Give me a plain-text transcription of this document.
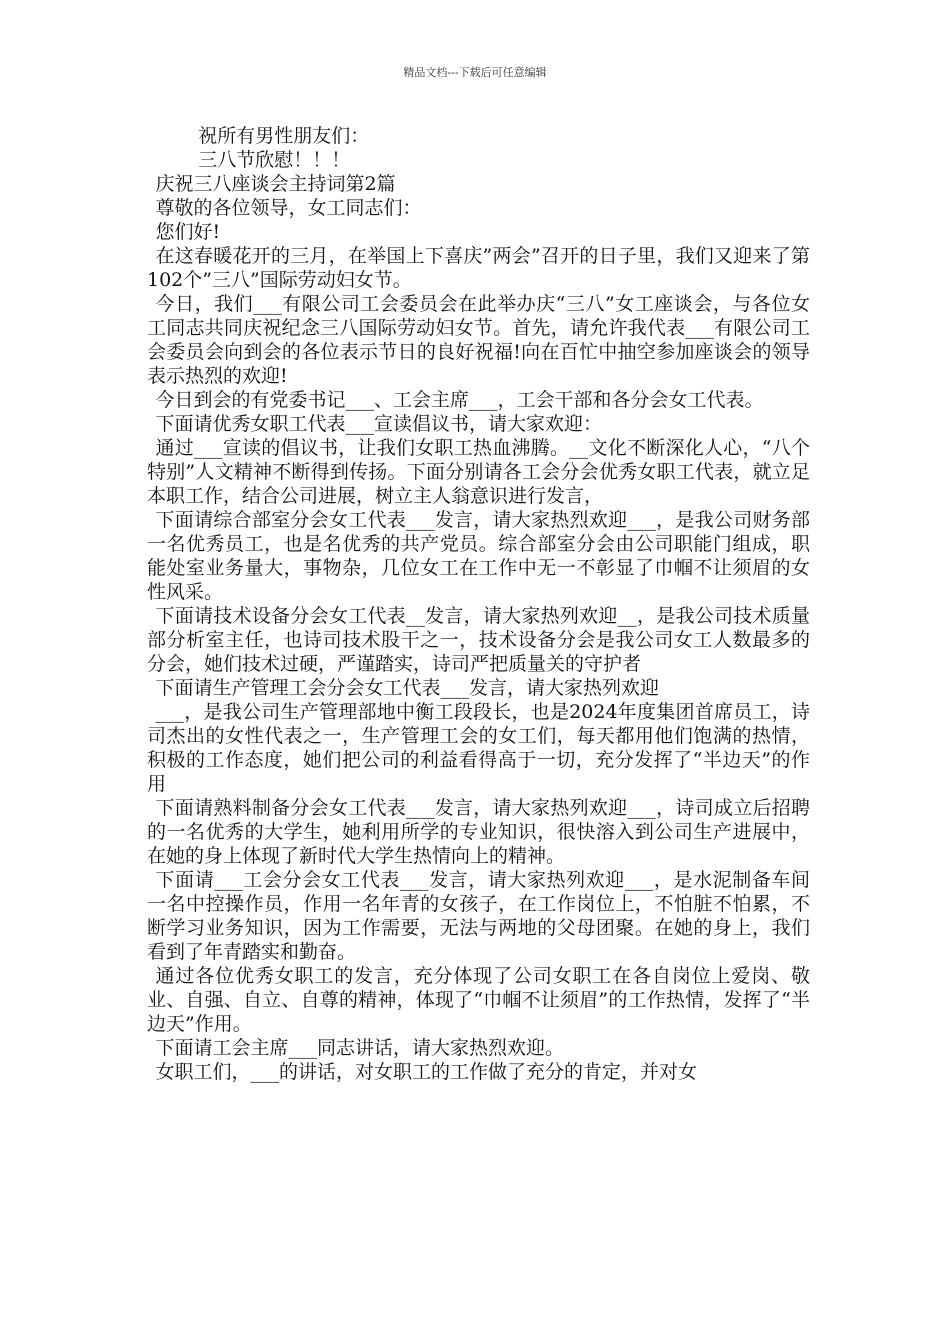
精品文档---下载后可任意编辑

祝所有男性朋友们：

三八节欣慰！！！

庆祝三八座谈会主持词第2篇

尊敬的各位领导，女工同志们：

您们好!

在这春暖花开的三月，在举国上下喜庆”两会”召开的日子里，我们又迎来了第102个”三八”国际劳动妇女节。

今日，我们___有限公司工会委员会在此举办庆“三八”女工座谈会，与各位女工同志共同庆祝纪念三八国际劳动妇女节。首先，请允许我代表___有限公司工会委员会向到会的各位表示节日的良好祝福!向在百忙中抽空参加座谈会的领导表示热烈的欢迎!

今日到会的有党委书记___、工会主席___，工会干部和各分会女工代表。

下面请优秀女职工代表___宣读倡议书，请大家欢迎：

通过___宣读的倡议书，让我们女职工热血沸腾。__文化不断深化人心，“八个特别”人文精神不断得到传扬。下面分别请各工会分会优秀女职工代表，就立足本职工作，结合公司进展，树立主人翁意识进行发言，

下面请综合部室分会女工代表___发言，请大家热烈欢迎___，是我公司财务部一名优秀员工，也是名优秀的共产党员。综合部室分会由公司职能门组成，职能处室业务量大，事物杂，几位女工在工作中无一不彰显了巾帼不让须眉的女性风采。

下面请技术设备分会女工代表__发言，请大家热列欢迎__，是我公司技术质量部分析室主任，也诗司技术股干之一，技术设备分会是我公司女工人数最多的分会，她们技术过硬，严谨踏实，诗司严把质量关的守护者

下面请生产管理工会分会女工代表___发言，请大家热列欢迎

___，是我公司生产管理部地中衡工段段长，也是2024年度集团首席员工，诗司杰出的女性代表之一，生产管理工会的女工们，每天都用他们饱满的热情，积极的工作态度，她们把公司的利益看得高于一切，充分发挥了“半边天”的作用

下面请熟料制备分会女工代表___发言，请大家热列欢迎___，诗司成立后招聘的一名优秀的大学生，她利用所学的专业知识，很快溶入到公司生产进展中，在她的身上体现了新时代大学生热情向上的精神。

下面请___工会分会女工代表___发言，请大家热列欢迎___，是水泥制备车间一名中控操作员，作用一名年青的女孩子，在工作岗位上，不怕脏不怕累，不断学习业务知识，因为工作需要，无法与两地的父母团聚。在她的身上，我们看到了年青踏实和勤奋。

通过各位优秀女职工的发言，充分体现了公司女职工在各自岗位上爱岗、敬业、自强、自立、自尊的精神，体现了“巾帼不让须眉”的工作热情，发挥了“半边天”作用。

下面请工会主席___同志讲话，请大家热烈欢迎。

女职工们，___的讲话，对女职工的工作做了充分的肯定，并对女
